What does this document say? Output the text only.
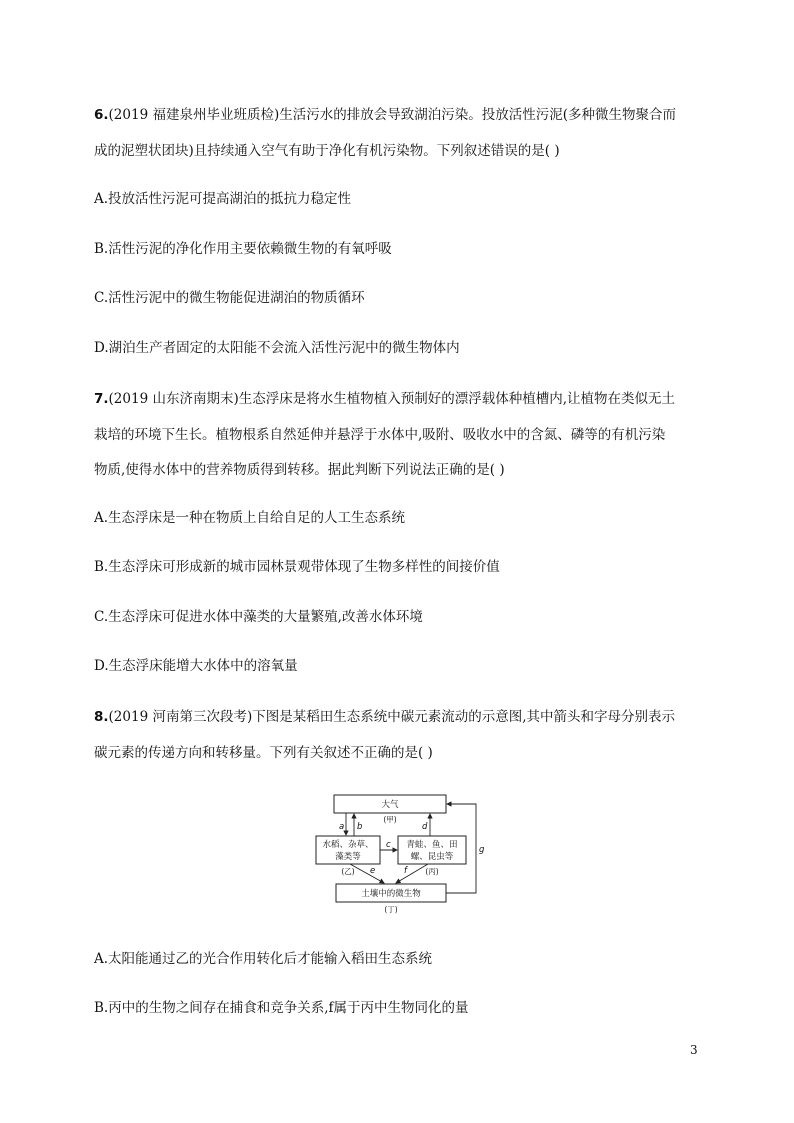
6.(2019 福建泉州毕业班质检)生活污水的排放会导致湖泊污染。投放活性污泥(多种微生物聚合而
成的泥塑状团块)且持续通入空气有助于净化有机污染物。下列叙述错误的是( )
A.投放活性污泥可提高湖泊的抵抗力稳定性
B.活性污泥的净化作用主要依赖微生物的有氧呼吸
C.活性污泥中的微生物能促进湖泊的物质循环
D.湖泊生产者固定的太阳能不会流入活性污泥中的微生物体内
7.(2019 山东济南期末)生态浮床是将水生植物植入预制好的漂浮载体种植槽内,让植物在类似无土
栽培的环境下生长。植物根系自然延伸并悬浮于水体中,吸附、吸收水中的含氮、磷等的有机污染
物质,使得水体中的营养物质得到转移。据此判断下列说法正确的是( )
A.生态浮床是一种在物质上自给自足的人工生态系统
B.生态浮床可形成新的城市园林景观带体现了生物多样性的间接价值
C.生态浮床可促进水体中藻类的大量繁殖,改善水体环境
D.生态浮床能增大水体中的溶氧量
8.(2019 河南第三次段考)下图是某稻田生态系统中碳元素流动的示意图,其中箭头和字母分别表示
碳元素的传递方向和转移量。下列有关叙述不正确的是( )
大气
(甲)
水稻、杂草、
藻类等
(乙)
青蛙、鱼、田
螺、昆虫等
(丙)
土壤中的微生物
(丁)
a b
c
d
e	f
g
A.太阳能通过乙的光合作用转化后才能输入稻田生态系统
B.丙中的生物之间存在捕食和竞争关系,f属于丙中生物同化的量
3
